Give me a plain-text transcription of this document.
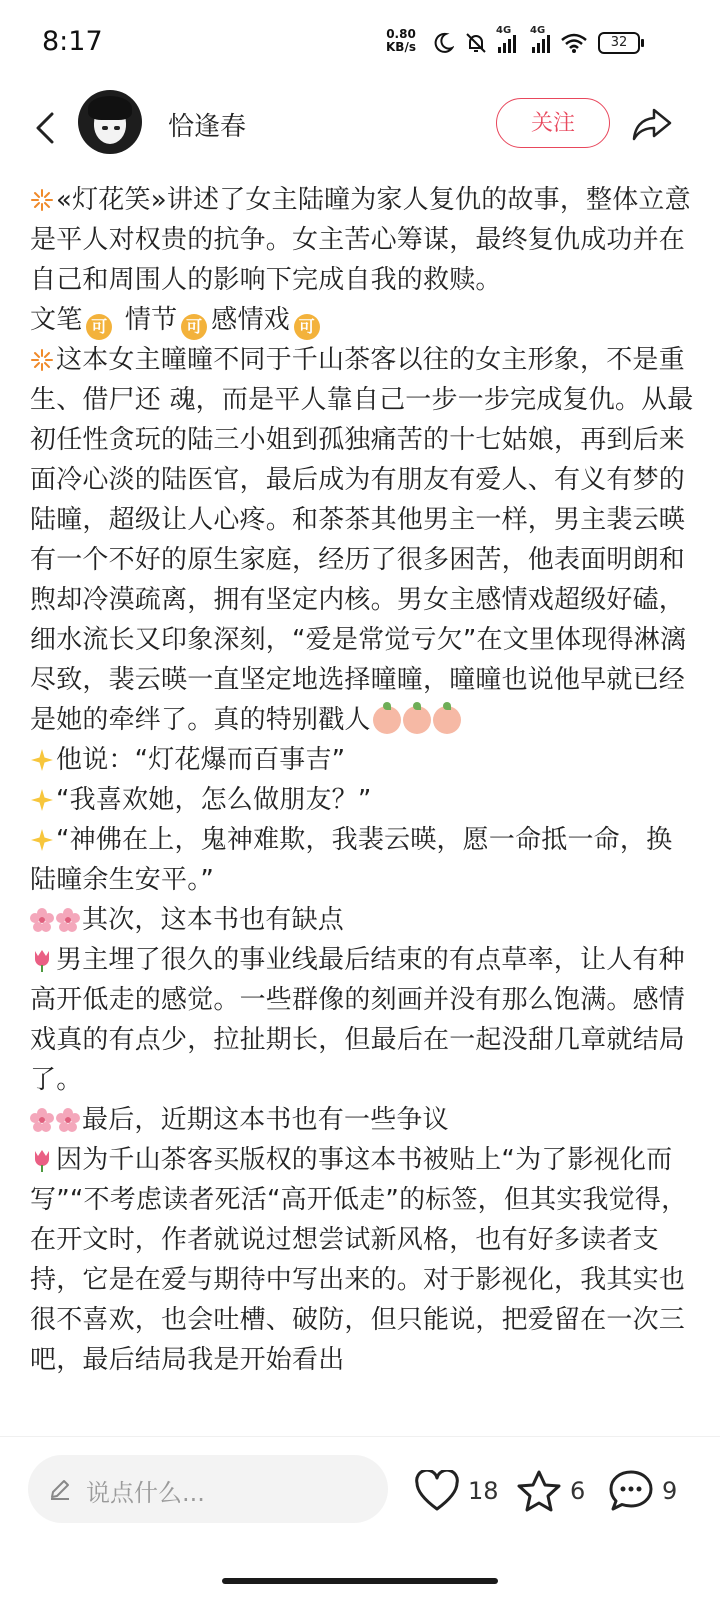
8:17	0.80
KB/s
4G 4G
32
恰逢春	关注

«灯花笑»讲述了女主陆曈为家人复仇的故事，整体立意是平人对权贵的抗争。女主苦心筹谋，最终复仇成功并在自己和周围人的影响下完成自我的救赎。

文笔 可 情节 可 感情戏 可

这本女主曈曈不同于千山茶客以往的女主形象，不是重生、借尸还 魂，而是平人靠自己一步一步完成复仇。从最初任性贪玩的陆三小姐到孤独痛苦的十七姑娘，再到后来面冷心淡的陆医官，最后成为有朋友有爱人、有义有梦的陆曈，超级让人心疼。和茶茶其他男主一样，男主裴云暎有一个不好的原生家庭，经历了很多困苦，他表面明朗和煦却冷漠疏离，拥有坚定内核。男女主感情戏超级好磕，细水流长又印象深刻，“爱是常觉亏欠”在文里体现得淋漓尽致，裴云暎一直坚定地选择曈曈，曈曈也说他早就已经是她的牵绊了。真的特别戳人

他说：“灯花爆而百事吉”

“我喜欢她，怎么做朋友？”

“神佛在上，鬼神难欺，我裴云暎，愿一命抵一命，换陆曈余生安平。”

其次，这本书也有缺点

男主埋了很久的事业线最后结束的有点草率，让人有种高开低走的感觉。一些群像的刻画并没有那么饱满。感情戏真的有点少，拉扯期长，但最后在一起没甜几章就结局了。

最后，近期这本书也有一些争议

因为千山茶客买版权的事这本书被贴上“为了影视化而写”“不考虑读者死活“高开低走”的标签，但其实我觉得，在开文时，作者就说过想尝试新风格，也有好多读者支持，它是在爱与期待中写出来的。对于影视化，我其实也很不喜欢，也会吐槽、破防，但只能说，把爱留在一次三吧，最后结局我是开始看出

说点什么...	18	6	9
